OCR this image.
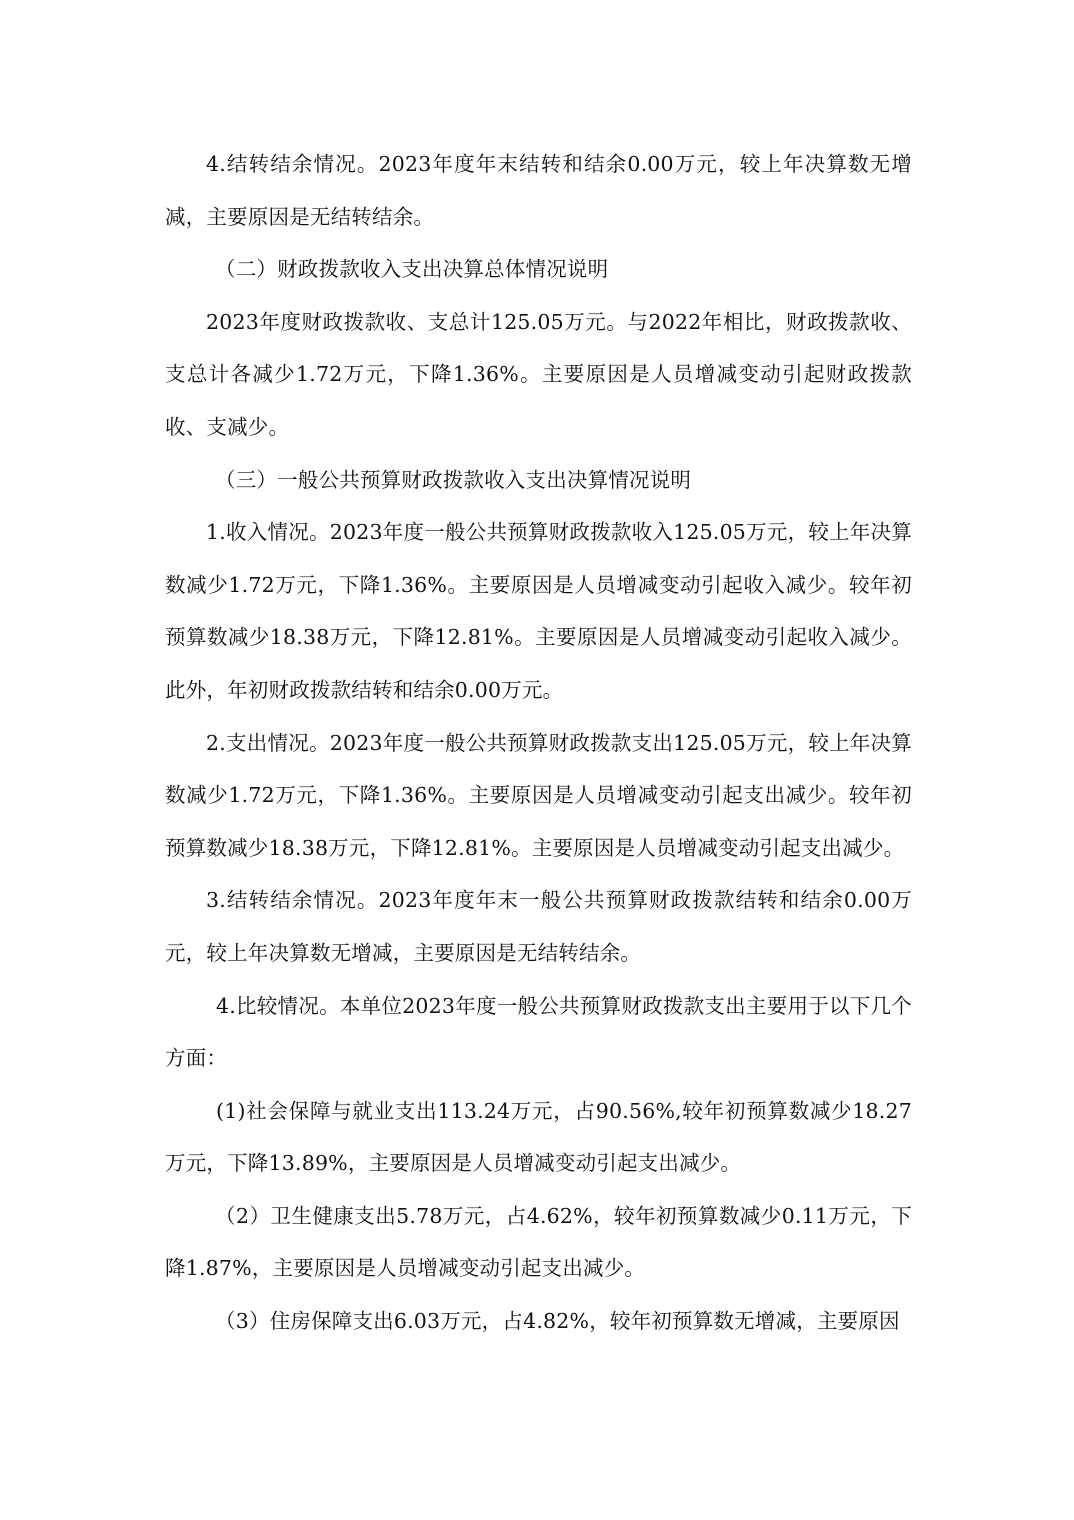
4.结转结余情况。2023年度年末结转和结余0.00万元，较上年决算数无增减，主要原因是无结转结余。

（二）财政拨款收入支出决算总体情况说明

2023年度财政拨款收、支总计125.05万元。与2022年相比，财政拨款收、支总计各减少1.72万元，下降1.36%。主要原因是人员增减变动引起财政拨款收、支减少。

（三）一般公共预算财政拨款收入支出决算情况说明

1.收入情况。2023年度一般公共预算财政拨款收入125.05万元，较上年决算数减少1.72万元，下降1.36%。主要原因是人员增减变动引起收入减少。较年初预算数减少18.38万元，下降12.81%。主要原因是人员增减变动引起收入减少。此外，年初财政拨款结转和结余0.00万元。

2.支出情况。2023年度一般公共预算财政拨款支出125.05万元，较上年决算数减少1.72万元，下降1.36%。主要原因是人员增减变动引起支出减少。较年初预算数减少18.38万元，下降12.81%。主要原因是人员增减变动引起支出减少。

3.结转结余情况。2023年度年末一般公共预算财政拨款结转和结余0.00万元，较上年决算数无增减，主要原因是无结转结余。

4.比较情况。本单位2023年度一般公共预算财政拨款支出主要用于以下几个方面：

(1)社会保障与就业支出113.24万元，占90.56%,较年初预算数减少18.27万元，下降13.89%，主要原因是人员增减变动引起支出减少。

（2）卫生健康支出5.78万元，占4.62%，较年初预算数减少0.11万元，下降1.87%，主要原因是人员增减变动引起支出减少。

（3）住房保障支出6.03万元，占4.82%，较年初预算数无增减，主要原因
